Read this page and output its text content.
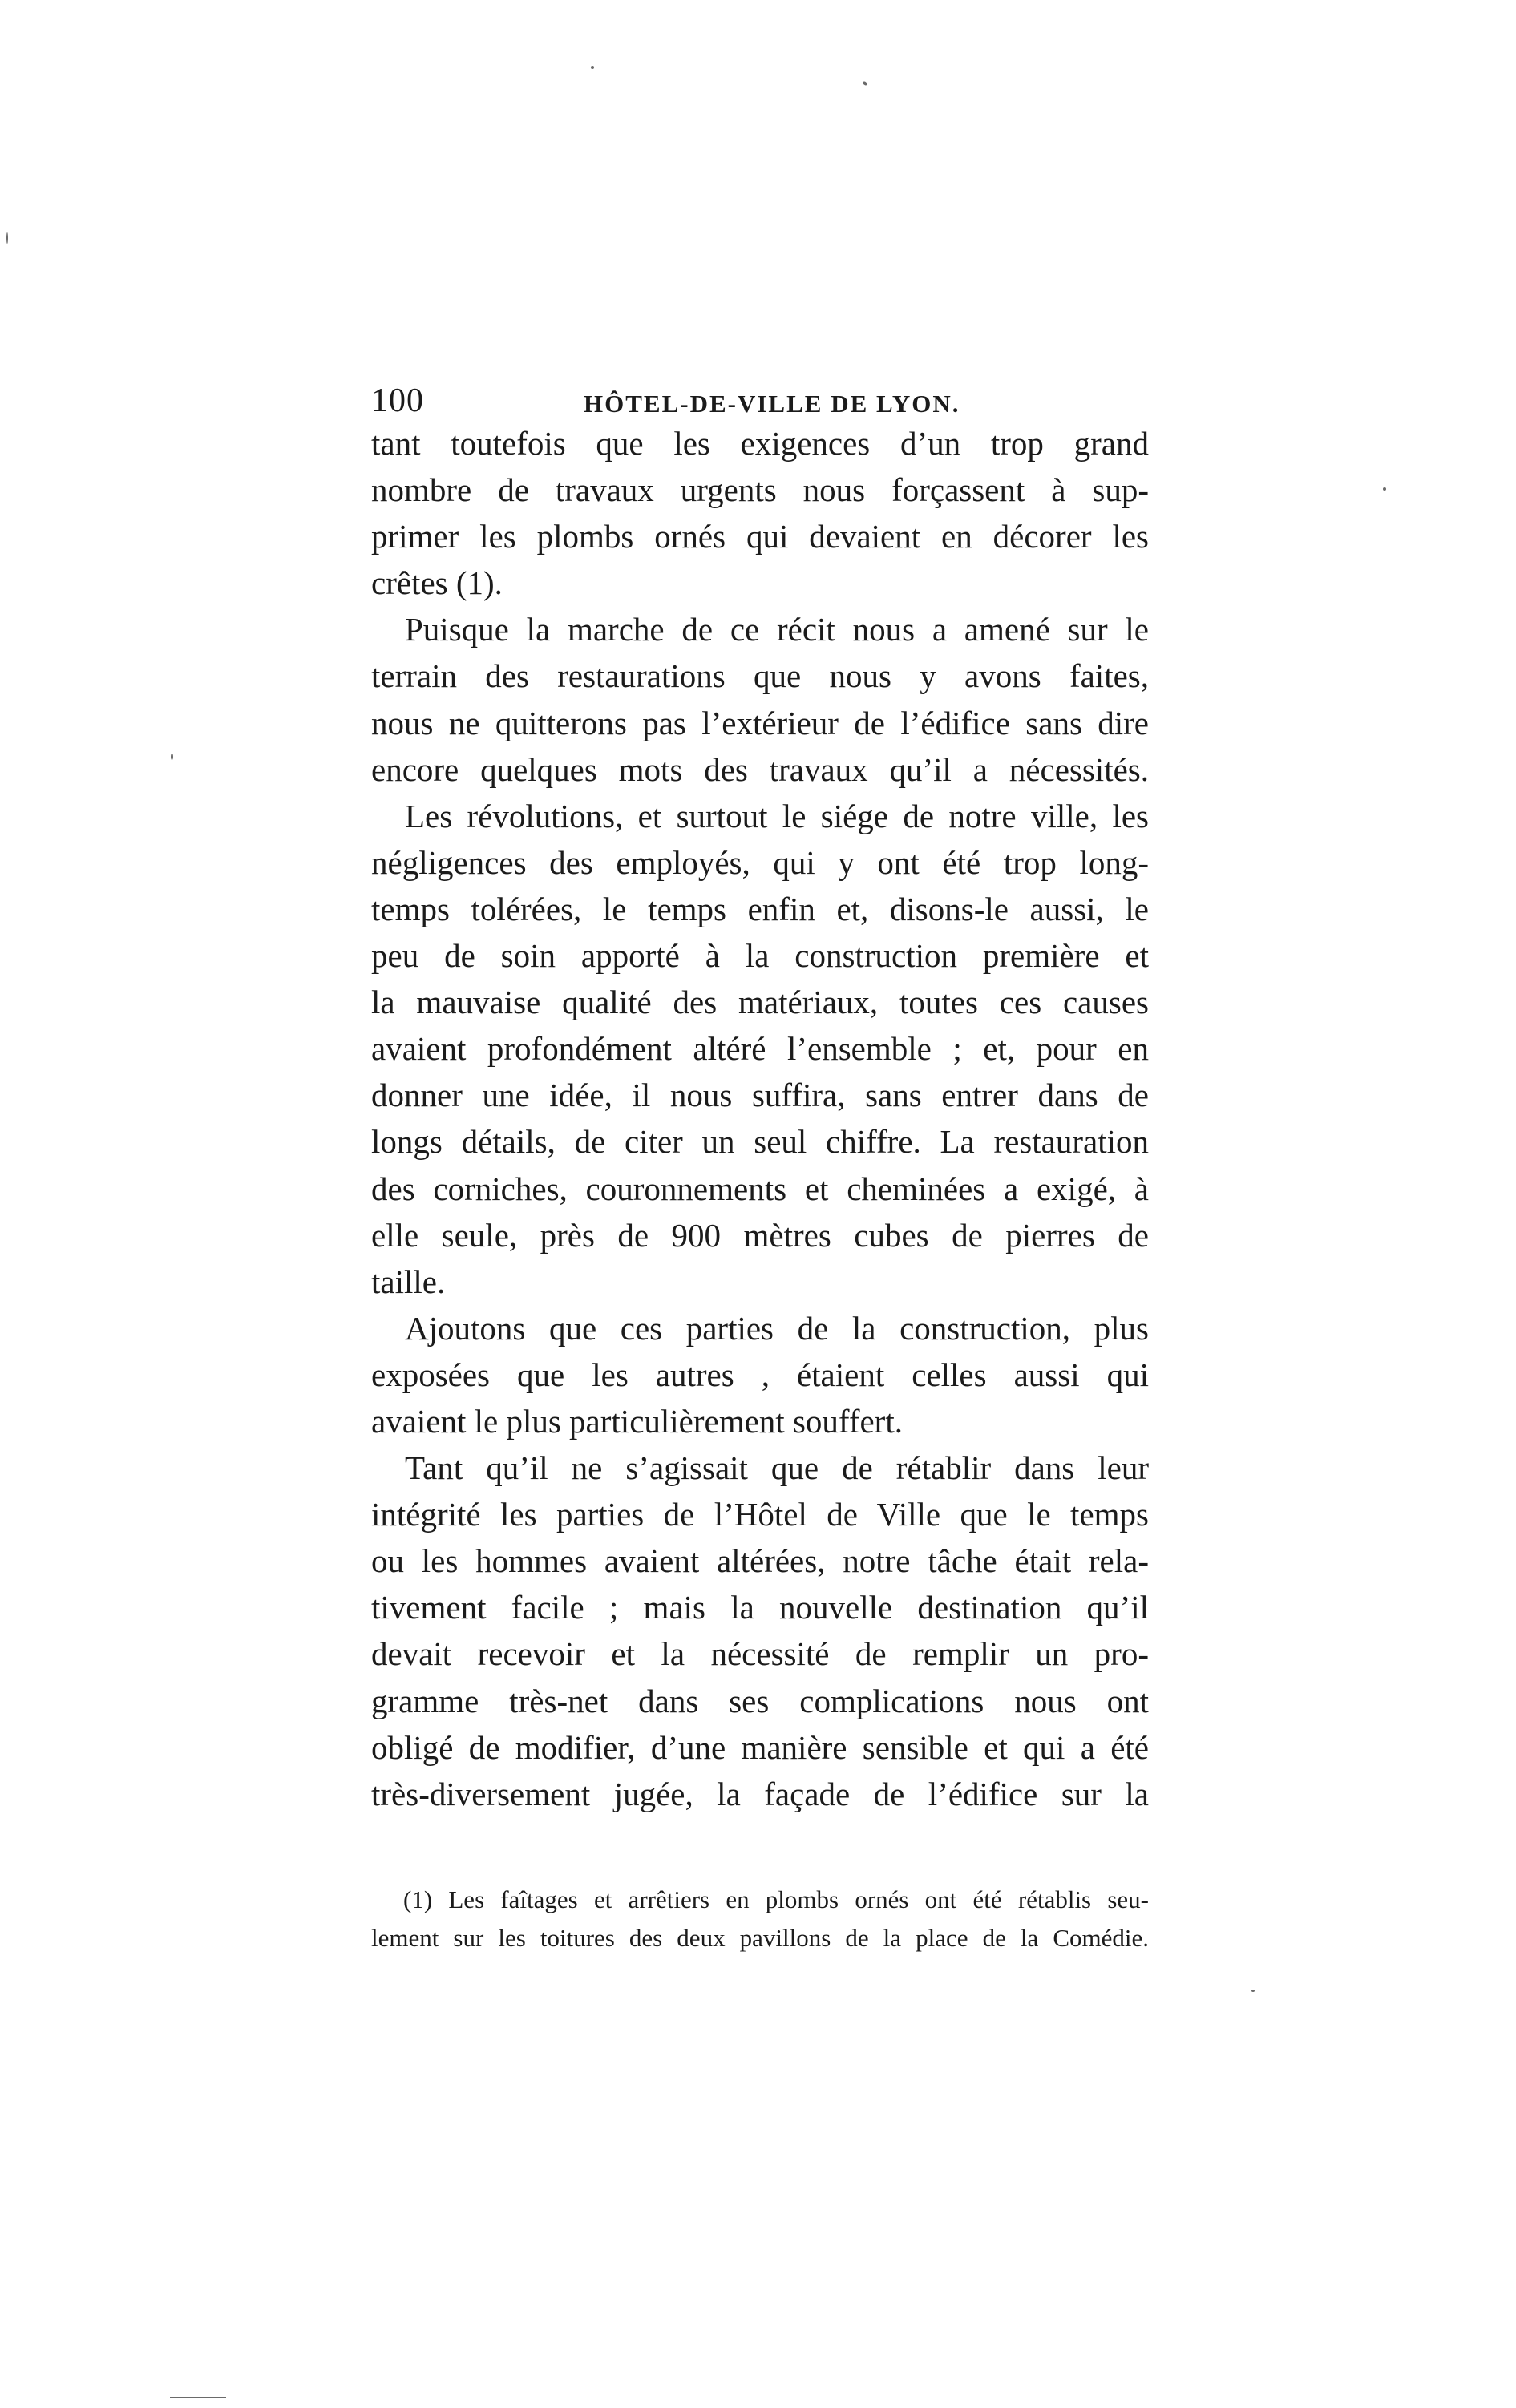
100	HÔTEL-DE-VILLE DE LYON.
tant toutefois que les exigences d’un trop grand
nombre de travaux urgents nous forçassent à sup-
primer les plombs ornés qui devaient en décorer les
crêtes (1).
Puisque la marche de ce récit nous a amené sur le
terrain des restaurations que nous y avons faites,
nous ne quitterons pas l’extérieur de l’édifice sans dire
encore quelques mots des travaux qu’il a nécessités.
Les révolutions, et surtout le siége de notre ville, les
négligences des employés, qui y ont été trop long-
temps tolérées, le temps enfin et, disons-le aussi, le
peu de soin apporté à la construction première et
la mauvaise qualité des matériaux, toutes ces causes
avaient profondément altéré l’ensemble ; et, pour en
donner une idée, il nous suffira, sans entrer dans de
longs détails, de citer un seul chiffre. La restauration
des corniches, couronnements et cheminées a exigé, à
elle seule, près de 900 mètres cubes de pierres de
taille.
Ajoutons que ces parties de la construction, plus
exposées que les autres , étaient celles aussi qui
avaient le plus particulièrement souffert.
Tant qu’il ne s’agissait que de rétablir dans leur
intégrité les parties de l’Hôtel de Ville que le temps
ou les hommes avaient altérées, notre tâche était rela-
tivement facile ; mais la nouvelle destination qu’il
devait recevoir et la nécessité de remplir un pro-
gramme très-net dans ses complications nous ont
obligé de modifier, d’une manière sensible et qui a été
très-diversement jugée, la façade de l’édifice sur la
(1) Les faîtages et arrêtiers en plombs ornés ont été rétablis seu-
lement sur les toitures des deux pavillons de la place de la Comédie.
